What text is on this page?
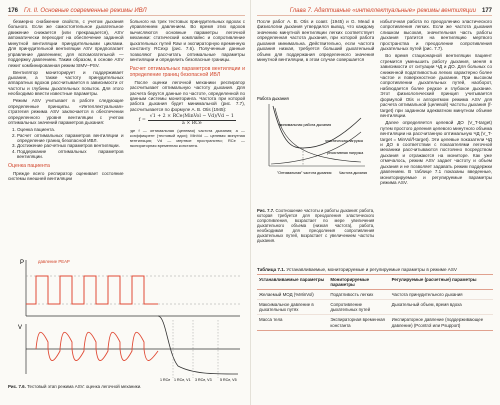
176 Гл. II. Основные современные режимы ИВЛ

безмерно снабжение свойств, с учетом дыхания больного. Если же самостоятельное дыхательное движение снижается (или прекращается), ASV автоматически переходит на обеспечение заданной минутной вентиляции принудительными циклами. Для принудительной вентиляции ASV предполагает управление давлением; для вспомогательной — поддержку давлением. Таким образом, в основе ASV лежит комбинированная режим SIMV–PSV.

Вентилятор мониторирует и поддерживает дыхание, а также частоту принудительных аппаратных вдохов рассчитывается в зависимости от частоты и глубины дыхательных попыток. Для этого необходимо ввести известные параметры.

Режим ASV учитывает в работе следующие определенные принципы. «Интеллектуальная» стратегия режима ASV заключается в обеспечении определенного уровня вентиляции с учетом оптимальных значений параметров дыхания:

1. Оценка пациента.
2. Расчет оптимальных параметров вентиляции и определение границ безопасной ИВЛ.
3. Достижение расчетных параметров вентиляции.
4. Поддержание оптимальных параметров вентиляции.
Оценка пациента

Прежде всего респиратор оценивает состояние системы внешней вентиляции

больного на трех тестовых принудительных вдохах с управлением давлением. Во время этих вдохов вычисляются основные параметры легочной механики: статический комплайнс и сопротивление дыхательных путей Raw и экспираторную временную константу RCexp (рис. 7.6). Полученные данные позволяют рассчитать оптимальные параметры вентиляции и определить безопасные границы.

Расчет оптимальных параметров вентиляции и определение границ безопасной ИВЛ

После оценки легочной механики респиратор рассчитывает оптимальную частоту дыхания. Для расчета берутся данные по частоте, определенной по данным системы мониторинга. Частота при которой работа дыхания будет минимальной (рис. 7.7), рассчитывается по формуле A. B. Otis (1945):

$f = \frac{\text{√1 + 2 × RCe(MinVol − Vd)/Vd − 1}}{\text{a × RCe}}$

где f — оптимальная (целевая) частота дыхания; a — коэффициент (тестовый вдох); MinVol — целевая минутная вентиляция; Vd — мертвое пространство; RCe — экспираторная временная константа.

P	давление PEAP
V
1 RCe 1 RCe, V1 3 RCe, V3 5 RCe, V5
Рис. 7.6. Тестовый этап режима ASV: оценка легочной механики.
Глава 7. Адаптивные «интеллектуальные» режимы вентиляции 177

После работ A. B. Otis и соавт. (1945) и G. Mead в физиологии дыхания утвердился вывод, что каждому значению минутной вентиляции легких соответствует определенная частота дыхания, при которой работа дыхания минимальна. Действительно, если частота дыхания низкая, требуется больший дыхательный объем для поддержания определенного значения минутной вентиляции, в этом случае совершается

Работа дыхания
минимальная работа дыхания
эластическая нагрузка
резистивная нагрузка
"Оптимальная" частота дыхания Частота дыхания
Рис. 7.7. Соотношение частоты и работы дыхания: работа, которая требуется для преодоления эластического сопротивления, возрастает по мере увеличения дыхательного объема (низкая частота), работа, необходимая для преодоления сопротивления дыхательных путей, возрастает с увеличением частоты дыхания.

избыточная работа по преодолению эластического сопротивления легких. Если же частота дыхания слишком высокая, значительная часть работы дыхания тратится на вентиляцию мертвого пространства и преодоление сопротивления дыхательных путей (рис. 7.7).

Во время стационарной вентиляции пациент стремится уменьшить работу дыхания, меняя в зависимости от ситуации ЧД и ДО. Для больных со сниженной податливостью легких характерно более частое и поверхностное дыхание. При высоком сопротивлении дыхательных путей, наоборот, наблюдается более редкое и глубокое дыхание. Этот физиологический принцип учитывается формулой Otis и алгоритмом режима ASV для расчета оптимальной (целевой) частоты дыхания (f-target) при заданном адекватном минутном объеме вентиляции.

Далее определяется целевой ДО (V_T-target) путем простого деления целевого минутного объема вентиляции на рассчитанную оптимальную ЧД (V_T-target = MinVol/f-target). Эти целевые показатели ЧД и ДО в соответствии с показателями легочной механики рассчитываются постоянно посредством дыхания и отражаются на мониторе. Как уже отмечалось, режим ASV задает частоту и объем дыхания и не позволяет задавать режим поддержки давлением. В таблице 7.1 показаны введенные, мониторируемые и регулируемые параметры режима ASV.

Таблица 7.1. Устанавливаемые, мониторируемые и регулируемые параметры в режиме ASV
Устанавливаемые параметры	Мониторируемые параметры	Регулируемые (расчетные) параметры
Желаемый МОД (%MinVol)	Податливость легких	Частота принудительного дыхания
Максимальное давление в дыхательных путях	Сопротивление дыхательных путей	Дыхательный объем, время вдоха
Масса тела	Экспираторная временная константа	Инспираторное давление (поддерживающее давление) (Pcontrol или Psupport)
